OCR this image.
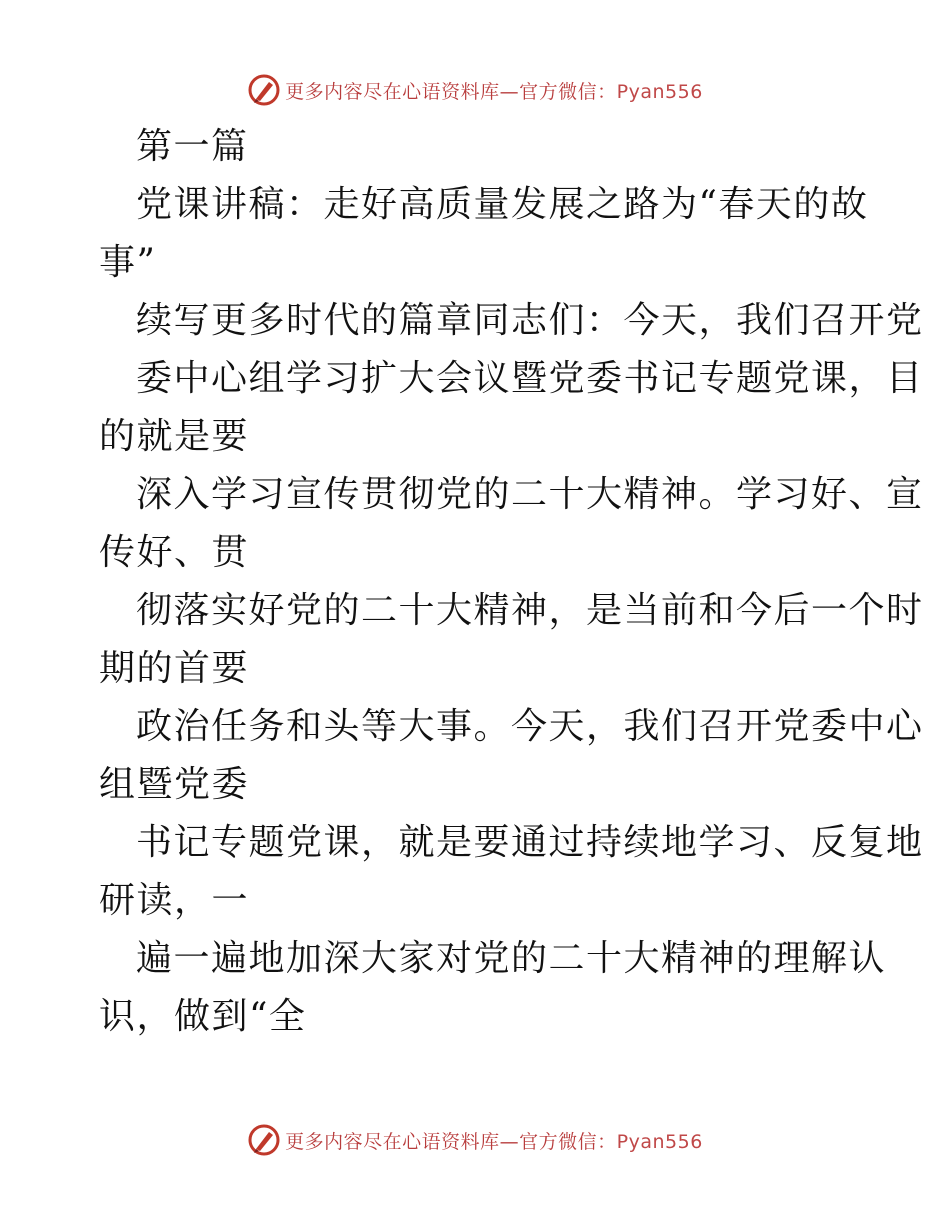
更多内容尽在心语资料库—官方微信：Pyan556
第一篇
党课讲稿：走好高质量发展之路为“春天的故
事”
续写更多时代的篇章同志们：今天，我们召开党
委中心组学习扩大会议暨党委书记专题党课，目
的就是要
深入学习宣传贯彻党的二十大精神。学习好、宣
传好、贯
彻落实好党的二十大精神，是当前和今后一个时
期的首要
政治任务和头等大事。今天，我们召开党委中心
组暨党委
书记专题党课，就是要通过持续地学习、反复地
研读，一
遍一遍地加深大家对党的二十大精神的理解认
识，做到“全
更多内容尽在心语资料库—官方微信：Pyan556
